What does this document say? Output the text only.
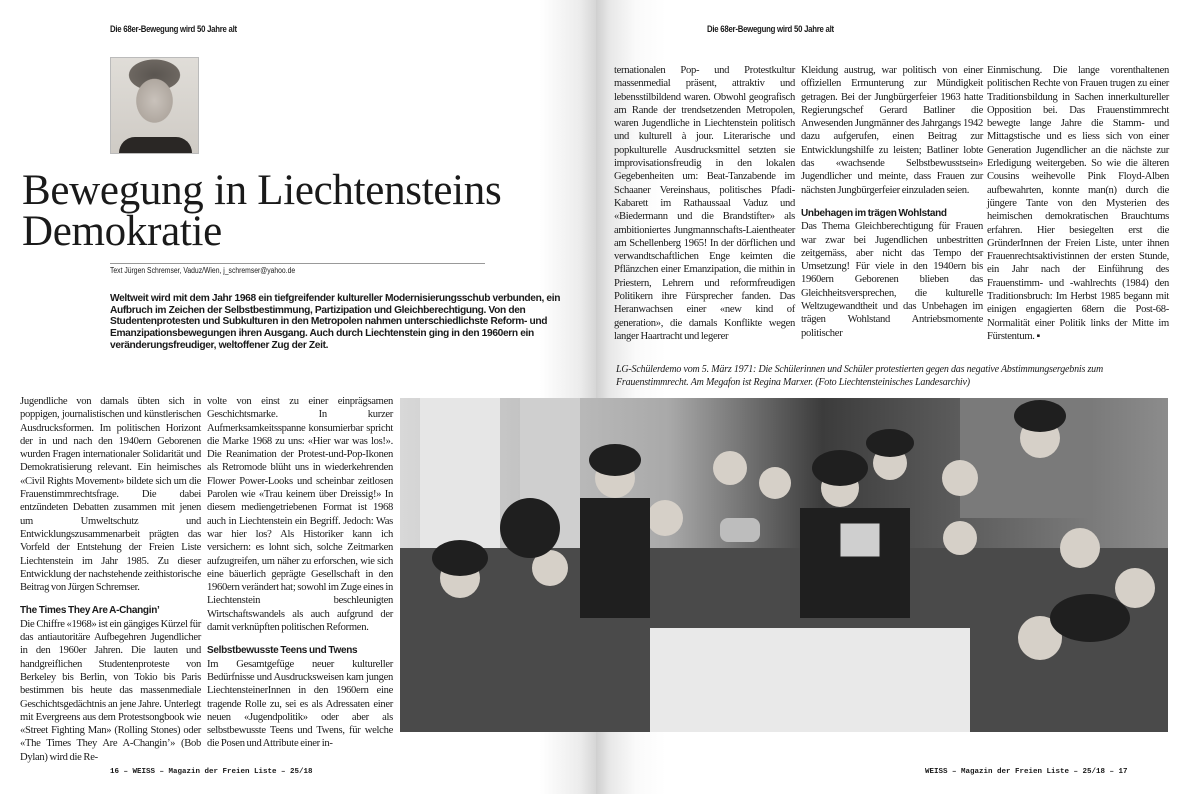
Die 68er-Bewegung wird 50 Jahre alt	Die 68er-Bewegung wird 50 Jahre alt
Bewegung in Liechtensteins
Demokratie
Text Jürgen Schremser, Vaduz/Wien, j_schremser@yahoo.de
Weltweit wird mit dem Jahr 1968 ein tiefgreifender kultureller Modernisierungsschub verbunden, ein Aufbruch im Zeichen der Selbstbestimmung, Partizipation und Gleichberechtigung. Von den Studentenprotesten und Subkulturen in den Metropolen nahmen unterschiedlichste Reform- und Emanzipationsbewegungen ihren Ausgang. Auch durch Liechtenstein ging in den 1960ern ein veränderungsfreudiger, weltoffener Zug der Zeit.

Jugendliche von damals übten sich in poppigen, journalistischen und künstlerischen Ausdrucksformen. Im politischen Horizont der in und nach den 1940ern Geborenen wurden Fragen internationaler Solidarität und Demokratisierung relevant. Ein heimisches «Civil Rights Movement» bildete sich um die Frauenstimmrechtsfrage. Die dabei entzündeten Debatten zusammen mit jenen um Umweltschutz und Entwicklungszusammenarbeit prägten das Vorfeld der Entstehung der Freien Liste Liechtenstein im Jahr 1985. Zu dieser Entwicklung der nachstehende zeithistorische Beitrag von Jürgen Schremser.

The Times They Are A-Changin’

Die Chiffre «1968» ist ein gängiges Kürzel für das antiautoritäre Aufbegehren Jugendlicher in den 1960er Jahren. Die lauten und handgreiflichen Studentenproteste von Berkeley bis Berlin, von Tokio bis Paris bestimmen bis heute das massenmediale Geschichtsgedächtnis an jene Jahre. Unterlegt mit Evergreens aus dem Protestsongbook wie «Street Fighting Man» (Rolling Stones) oder «The Times They Are A-Changin’» (Bob Dylan) wird die Re-

volte von einst zu einer einprägsamen Geschichtsmarke. In kurzer Aufmerksamkeitsspanne konsumierbar spricht die Marke 1968 zu uns: «Hier war was los!». Die Reanimation der Protest-und-Pop-Ikonen als Retromode blüht uns in wiederkehrenden Flower Power-Looks und scheinbar zeitlosen Parolen wie «Trau keinem über Dreissig!» In diesem mediengetriebenen Format ist 1968 auch in Liechtenstein ein Begriff. Jedoch: Was war hier los? Als Historiker kann ich versichern: es lohnt sich, solche Zeitmarken aufzugreifen, um näher zu erforschen, wie sich eine bäuerlich geprägte Gesellschaft in den 1960ern verändert hat; sowohl im Zuge eines in Liechtenstein beschleunigten Wirtschaftswandels als auch aufgrund der damit verknüpften politischen Reformen.

Selbstbewusste Teens und Twens

Im Gesamtgefüge neuer kultureller Bedürfnisse und Ausdrucksweisen kam jungen LiechtensteinerInnen in den 1960ern eine tragende Rolle zu, sei es als Adressaten einer neuen «Jugendpolitik» oder aber als selbstbewusste Teens und Twens, für welche die Posen und Attribute einer in-

ternationalen Pop- und Protestkultur massenmedial präsent, attraktiv und lebensstilbildend waren. Obwohl geografisch am Rande der trendsetzenden Metropolen, waren Jugendliche in Liechtenstein politisch und kulturell à jour. Literarische und popkulturelle Ausdrucksmittel setzten sie improvisationsfreudig in den lokalen Gegebenheiten um: Beat-Tanzabende im Schaaner Vereinshaus, politisches Pfadi-Kabarett im Rathaussaal Vaduz und «Biedermann und die Brandstifter» als ambitioniertes Jungmannschafts-Laientheater am Schellenberg 1965! In der dörflichen und verwandtschaftlichen Enge keimten die Pflänzchen einer Emanzipation, die mithin in Priestern, Lehrern und reformfreudigen Politikern ihre Fürsprecher fanden. Das Heranwachsen einer «new kind of generation», die damals Konflikte wegen langer Haartracht und legerer

Kleidung austrug, war politisch von einer offiziellen Ermunterung zur Mündigkeit getragen. Bei der Jungbürgerfeier 1963 hatte Regierungschef Gerard Batliner die Anwesenden Jungmänner des Jahrgangs 1942 dazu aufgerufen, einen Beitrag zur Entwicklungshilfe zu leisten; Batliner lobte das «wachsende Selbstbewusstsein» Jugendlicher und meinte, dass Frauen zur nächsten Jungbürgerfeier einzuladen seien.

Unbehagen im trägen Wohlstand

Das Thema Gleichberechtigung für Frauen war zwar bei Jugendlichen unbestritten zeitgemäss, aber nicht das Tempo der Umsetzung! Für viele in den 1940ern bis 1960ern Geborenen blieben das Gleichheitsversprechen, die kulturelle Weltzugewandtheit und das Unbehagen im trägen Wohlstand Antriebsmomente politischer

Einmischung. Die lange vorenthaltenen politischen Rechte von Frauen trugen zu einer Traditionsbildung in Sachen innerkultureller Opposition bei. Das Frauenstimmrecht bewegte lange Jahre die Stamm- und Mittagstische und es liess sich von einer Generation Jugendlicher an die nächste zur Erledigung weitergeben. So wie die älteren Cousins weihevolle Pink Floyd-Alben aufbewahrten, konnte man(n) durch die jüngere Tante von den Mysterien des heimischen demokratischen Brauchtums erfahren. Hier besiegelten erst die GründerInnen der Freien Liste, unter ihnen Frauenrechtsaktivistinnen der ersten Stunde, ein Jahr nach der Einführung des Frauenstimm- und -wahlrechts (1984) den Traditionsbruch: Im Herbst 1985 begann mit einigen engagierten 68ern die Post-68-Normalität einer Politik links der Mitte im Fürstentum. ▪

LG-Schülerdemo vom 5. März 1971: Die Schülerinnen und Schüler protestierten gegen das negative Abstimmungsergebnis zum Frauenstimmrecht. Am Megafon ist Regina Marxer. (Foto Liechtensteinisches Landesarchiv)
16 – WEISS – Magazin der Freien Liste – 25/18	WEISS – Magazin der Freien Liste – 25/18 – 17
